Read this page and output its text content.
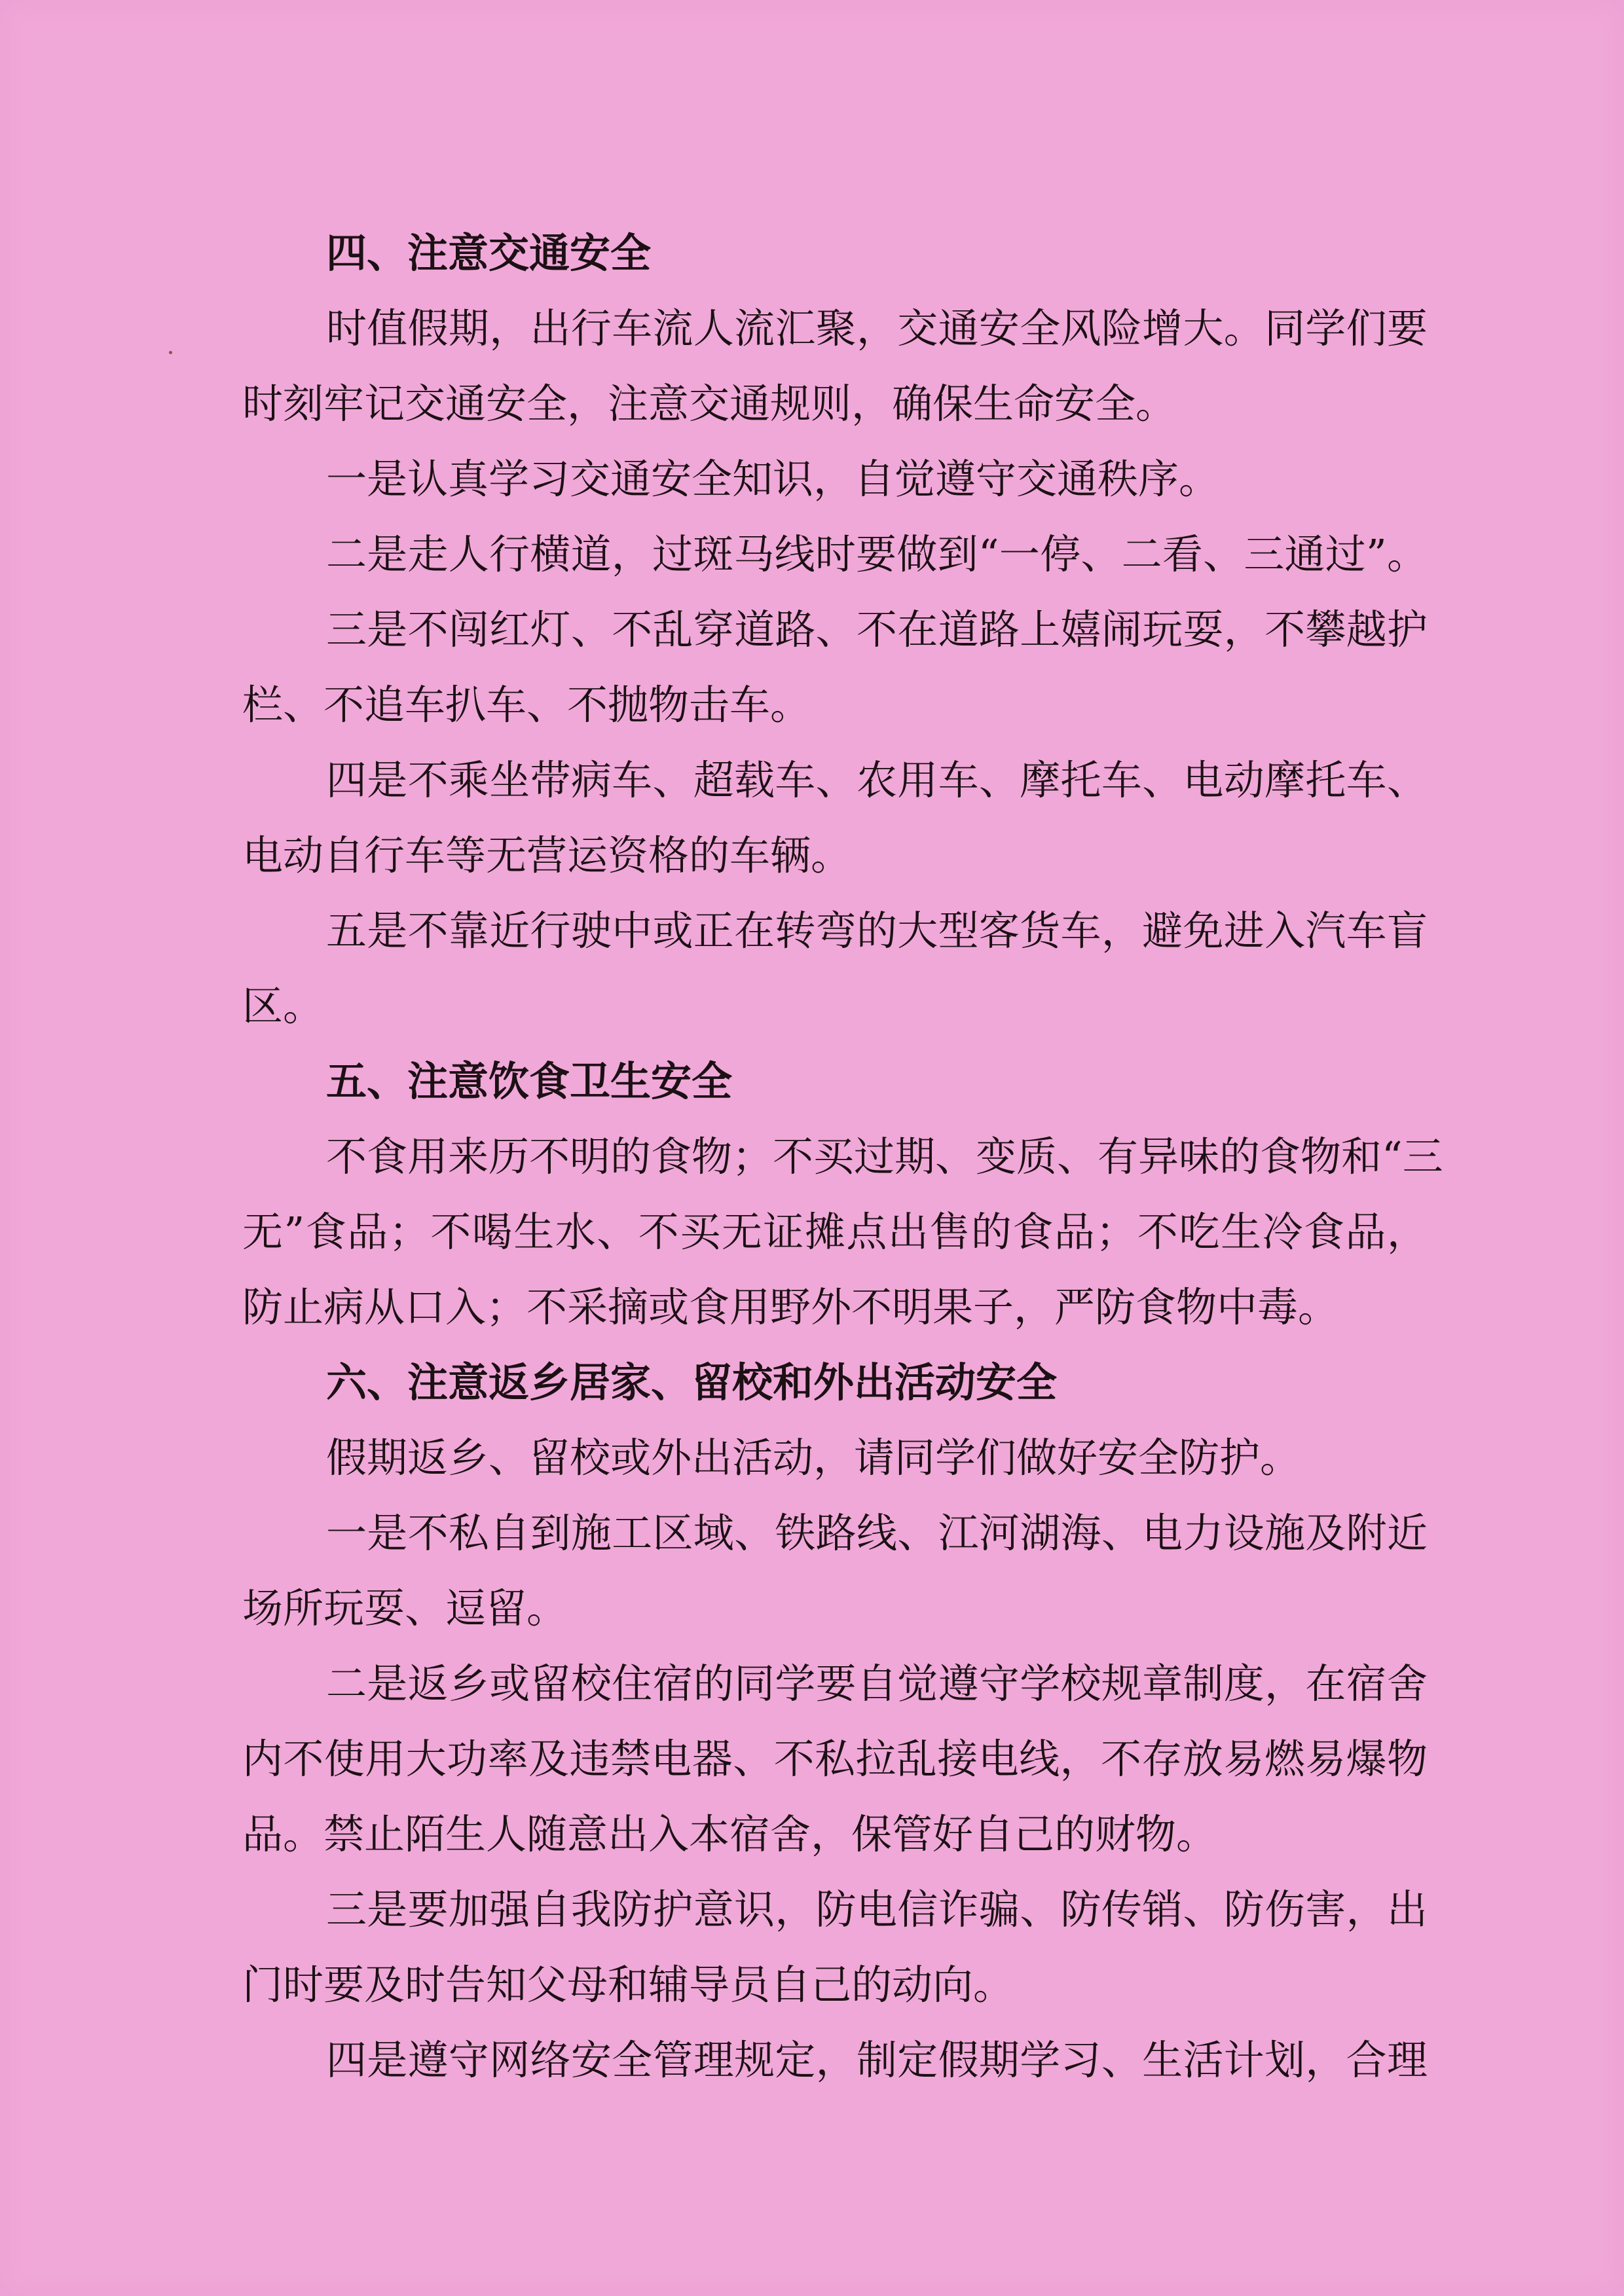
四、注意交通安全
时值假期，出行车流人流汇聚，交通安全风险增大。同学们要
时刻牢记交通安全，注意交通规则，确保生命安全。
一是认真学习交通安全知识，自觉遵守交通秩序。
二是走人行横道，过斑马线时要做到“一停、二看、三通过”。
三是不闯红灯、不乱穿道路、不在道路上嬉闹玩耍，不攀越护
栏、不追车扒车、不抛物击车。
四是不乘坐带病车、超载车、农用车、摩托车、电动摩托车、
电动自行车等无营运资格的车辆。
五是不靠近行驶中或正在转弯的大型客货车，避免进入汽车盲
区。
五、注意饮食卫生安全
不食用来历不明的食物；不买过期、变质、有异味的食物和“三
无”食品；不喝生水、不买无证摊点出售的食品；不吃生冷食品，
防止病从口入；不采摘或食用野外不明果子，严防食物中毒。
六、注意返乡居家、留校和外出活动安全
假期返乡、留校或外出活动，请同学们做好安全防护。
一是不私自到施工区域、铁路线、江河湖海、电力设施及附近
场所玩耍、逗留。
二是返乡或留校住宿的同学要自觉遵守学校规章制度，在宿舍
内不使用大功率及违禁电器、不私拉乱接电线，不存放易燃易爆物
品。禁止陌生人随意出入本宿舍，保管好自己的财物。
三是要加强自我防护意识，防电信诈骗、防传销、防伤害，出
门时要及时告知父母和辅导员自己的动向。
四是遵守网络安全管理规定，制定假期学习、生活计划，合理
